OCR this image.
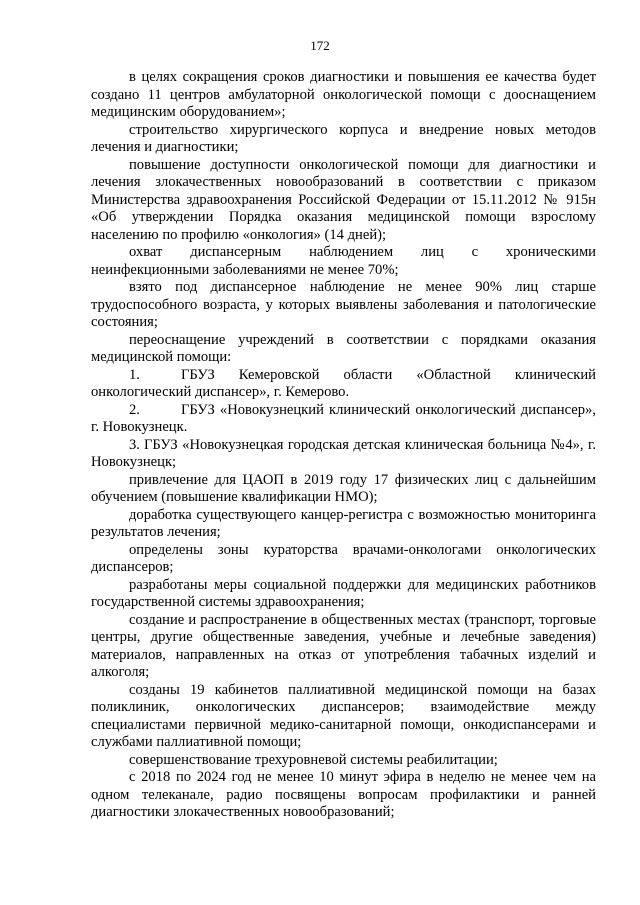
172

в целях сокращения сроков диагностики и повышения ее качества будет создано 11 центров амбулаторной онкологической помощи с дооснащением медицинским оборудованием»;

строительство хирургического корпуса и внедрение новых методов лечения и диагностики;

повышение доступности онкологической помощи для диагностики и лечения злокачественных новообразований в соответствии с приказом Министерства здравоохранения Российской Федерации от 15.11.2012 № 915н «Об утверждении Порядка оказания медицинской помощи взрослому населению по профилю «онкология» (14 дней);

охват диспансерным наблюдением лиц с хроническими неинфекционными заболеваниями не менее 70%;

взято под диспансерное наблюдение не менее 90% лиц старше трудоспособного возраста, у которых выявлены заболевания и патологические состояния;

переоснащение учреждений в соответствии с порядками оказания медицинской помощи:

1.	ГБУЗ Кемеровской области «Областной клинический онкологический диспансер», г. Кемерово.

2.	ГБУЗ «Новокузнецкий клинический онкологический диспансер», г. Новокузнецк.

3. ГБУЗ «Новокузнецкая городская детская клиническая больница №4», г. Новокузнецк;

привлечение для ЦАОП в 2019 году 17 физических лиц с дальнейшим обучением (повышение квалификации НМО);

доработка существующего канцер-регистра с возможностью мониторинга результатов лечения;

определены зоны кураторства врачами-онкологами онкологических диспансеров;

разработаны меры социальной поддержки для медицинских работников государственной системы здравоохранения;

создание и распространение в общественных местах (транспорт, торговые центры, другие общественные заведения, учебные и лечебные заведения) материалов, направленных на отказ от употребления табачных изделий и алкоголя;

созданы 19 кабинетов паллиативной медицинской помощи на базах поликлиник, онкологических диспансеров; взаимодействие между специалистами первичной медико-санитарной помощи, онкодиспансерами и службами паллиативной помощи;

совершенствование трехуровневой системы реабилитации;

с 2018 по 2024 год не менее 10 минут эфира в неделю не менее чем на одном телеканале, радио посвящены вопросам профилактики и ранней диагностики злокачественных новообразований;
